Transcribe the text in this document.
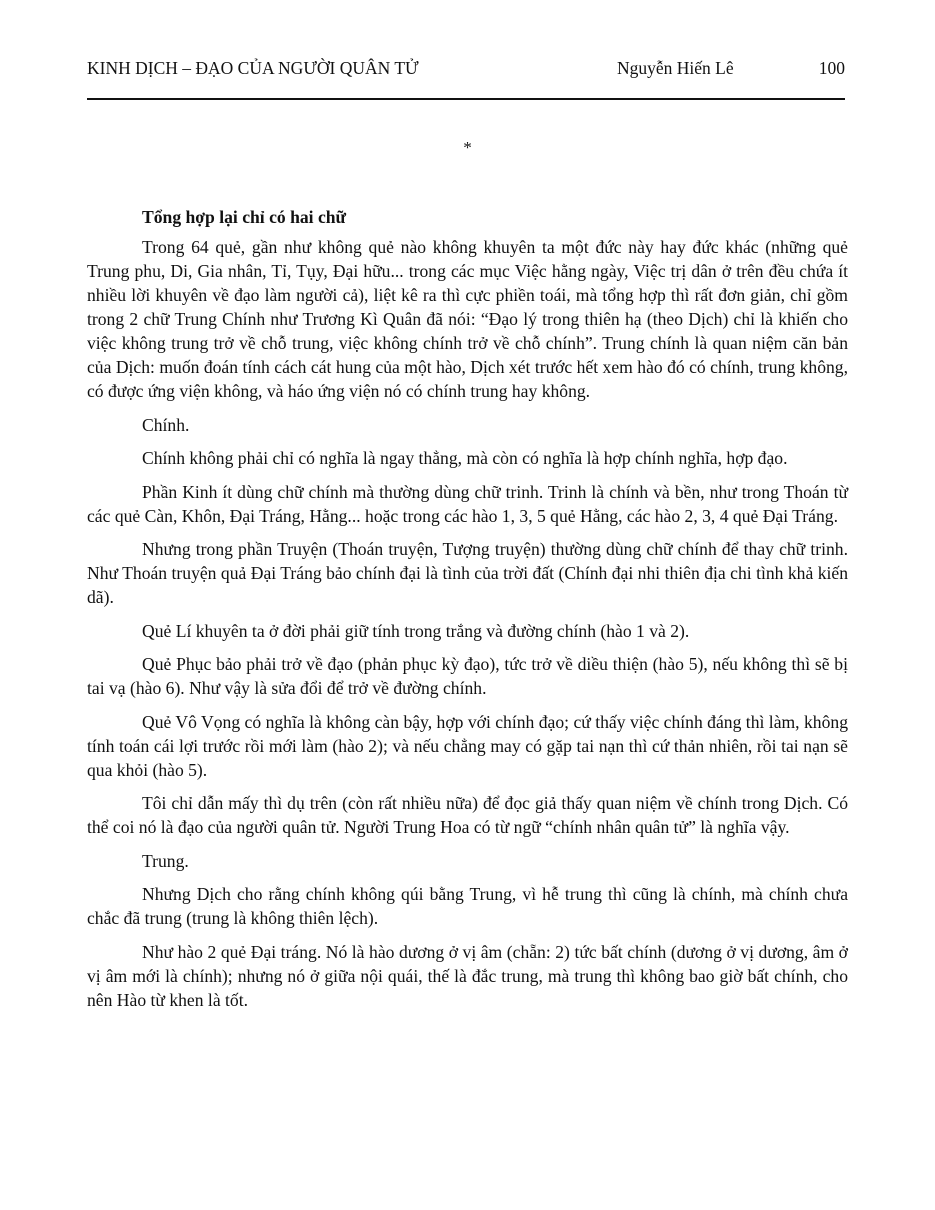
KINH DỊCH – ĐẠO CỦA NGƯỜI QUÂN TỬ	Nguyễn Hiến Lê	100
*

Tổng hợp lại chỉ có hai chữ

Trong 64 quẻ, gần như không quẻ nào không khuyên ta một đức này hay đức khác (những quẻ Trung phu, Di, Gia nhân, Tỉ, Tụy, Đại hữu... trong các mục Việc hằng ngày, Việc trị dân ở trên đều chứa ít nhiều lời khuyên về đạo làm người cả), liệt kê ra thì cực phiền toái, mà tổng hợp thì rất đơn giản, chỉ gồm trong 2 chữ Trung Chính như Trương Kì Quân đã nói: “Đạo lý trong thiên hạ (theo Dịch) chỉ là khiến cho việc không trung trở về chỗ trung, việc không chính trở về chỗ chính”. Trung chính là quan niệm căn bản của Dịch: muốn đoán tính cách cát hung của một hào, Dịch xét trước hết xem hào đó có chính, trung không, có được ứng viện không, và háo ứng viện nó có chính trung hay không.

Chính.

Chính không phải chỉ có nghĩa là ngay thẳng, mà còn có nghĩa là hợp chính nghĩa, hợp đạo.

Phần Kinh ít dùng chữ chính mà thường dùng chữ trinh. Trinh là chính và bền, như trong Thoán từ các quẻ Càn, Khôn, Đại Tráng, Hằng... hoặc trong các hào 1, 3, 5 quẻ Hằng, các hào 2, 3, 4 quẻ Đại Tráng.

Nhưng trong phần Truyện (Thoán truyện, Tượng truyện) thường dùng chữ chính để thay chữ trinh. Như Thoán truyện quả Đại Tráng bảo chính đại là tình của trời đất (Chính đại nhi thiên địa chi tình khả kiến dã).

Quẻ Lí khuyên ta ở đời phải giữ tính trong trắng và đường chính (hào 1 và 2).

Quẻ Phục bảo phải trở về đạo (phản phục kỳ đạo), tức trở về diều thiện (hào 5), nếu không thì sẽ bị tai vạ (hào 6). Như vậy là sửa đổi để trở về đường chính.

Quẻ Vô Vọng có nghĩa là không càn bậy, hợp với chính đạo; cứ thấy việc chính đáng thì làm, không tính toán cái lợi trước rồi mới làm (hào 2); và nếu chẳng may có gặp tai nạn thì cứ thản nhiên, rồi tai nạn sẽ qua khỏi (hào 5).

Tôi chỉ dẫn mấy thì dụ trên (còn rất nhiều nữa) để đọc giả thấy quan niệm về chính trong Dịch. Có thể coi nó là đạo của người quân tử. Người Trung Hoa có từ ngữ “chính nhân quân tử” là nghĩa vậy.

Trung.

Nhưng Dịch cho rằng chính không qúi bằng Trung, vì hễ trung thì cũng là chính, mà chính chưa chắc đã trung (trung là không thiên lệch).

Như hào 2 quẻ Đại tráng. Nó là hào dương ở vị âm (chẵn: 2) tức bất chính (dương ở vị dương, âm ở vị âm mới là chính); nhưng nó ở giữa nội quái, thế là đắc trung, mà trung thì không bao giờ bất chính, cho nên Hào từ khen là tốt.
